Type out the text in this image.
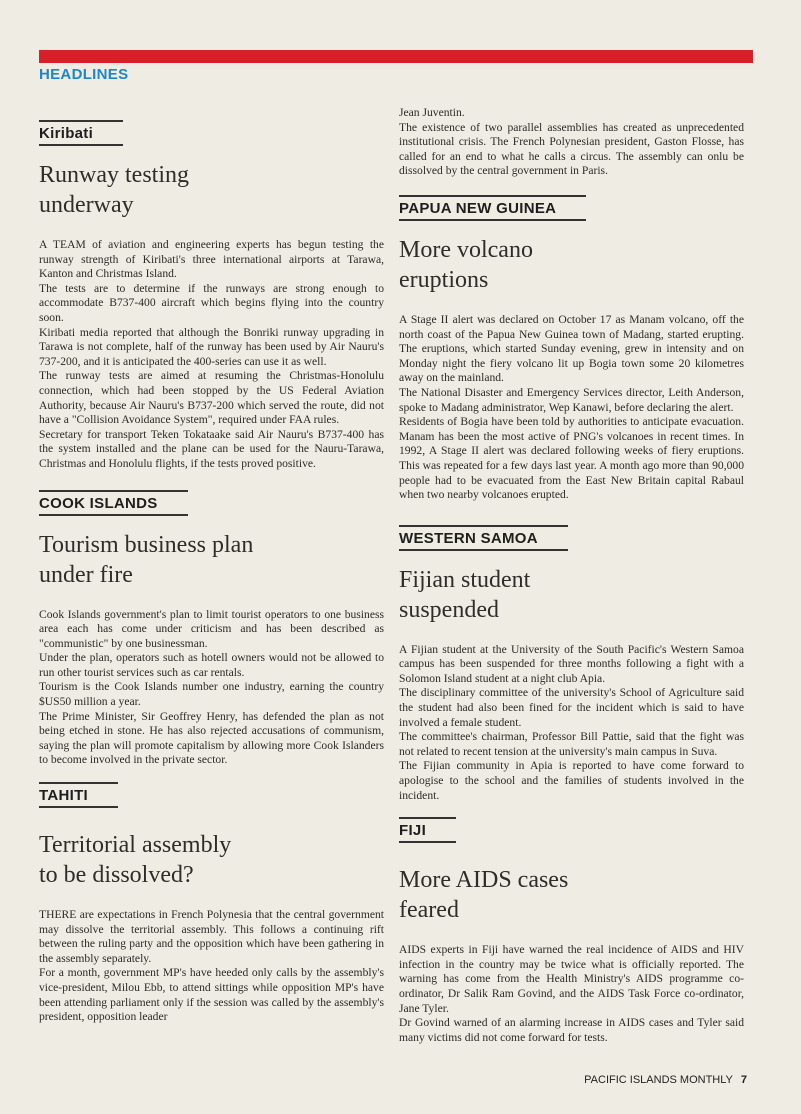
HEADLINES
Kiribati
Runway testing
underway

A TEAM of aviation and engineering experts has begun testing the runway strength of Kiribati's three international airports at Tarawa, Kanton and Christmas Island.

The tests are to determine if the runways are strong enough to accommodate B737-400 aircraft which begins flying into the country soon.

Kiribati media reported that although the Bonriki runway upgrading in Tarawa is not complete, half of the runway has been used by Air Nauru's 737-200, and it is anticipated the 400-series can use it as well.

The runway tests are aimed at resuming the Christmas-Honolulu connection, which had been stopped by the US Federal Aviation Authority, because Air Nauru's B737-200 which served the route, did not have a "Collision Avoidance System", required under FAA rules.

Secretary for transport Teken Tokataake said Air Nauru's B737-400 has the system installed and the plane can be used for the Nauru-Tarawa, Christmas and Honolulu flights, if the tests proved positive.

COOK ISLANDS
Tourism business plan
under fire

Cook Islands government's plan to limit tourist operators to one business area each has come under criticism and has been described as "communistic" by one businessman.

Under the plan, operators such as hotell owners would not be allowed to run other tourist services such as car rentals.

Tourism is the Cook Islands number one industry, earning the country $US50 million a year.

The Prime Minister, Sir Geoffrey Henry, has defended the plan as not being etched in stone. He has also rejected accusations of communism, saying the plan will promote capitalism by allowing more Cook Islanders to become involved in the private sector.

TAHITI
Territorial assembly
to be dissolved?

THERE are expectations in French Polynesia that the central government may dissolve the territorial assembly. This follows a continuing rift between the ruling party and the opposition which have been gathering in the assembly separately.

For a month, government MP's have heeded only calls by the assembly's vice-president, Milou Ebb, to attend sittings while opposition MP's have been attending parliament only if the session was called by the assembly's president, opposition leader

Jean Juventin.

The existence of two parallel assemblies has created as unprecedented institutional crisis. The French Polynesian president, Gaston Flosse, has called for an end to what he calls a circus. The assembly can onlu be dissolved by the central government in Paris.

PAPUA NEW GUINEA
More volcano
eruptions

A Stage II alert was declared on October 17 as Manam volcano, off the north coast of the Papua New Guinea town of Madang, started erupting. The eruptions, which started Sunday evening, grew in intensity and on Monday night the fiery volcano lit up Bogia town some 20 kilometres away on the mainland.

The National Disaster and Emergency Services director, Leith Anderson, spoke to Madang administrator, Wep Kanawi, before declaring the alert.

Residents of Bogia have been told by authorities to anticipate evacuation. Manam has been the most active of PNG's volcanoes in recent times. In 1992, A Stage II alert was declared following weeks of fiery eruptions. This was repeated for a few days last year. A month ago more than 90,000 people had to be evacuated from the East New Britain capital Rabaul when two nearby volcanoes erupted.

WESTERN SAMOA
Fijian student
suspended

A Fijian student at the University of the South Pacific's Western Samoa campus has been suspended for three months following a fight with a Solomon Island student at a night club Apia.

The disciplinary committee of the university's School of Agriculture said the student had also been fined for the incident which is said to have involved a female student.

The committee's chairman, Professor Bill Pattie, said that the fight was not related to recent tension at the university's main campus in Suva.

The Fijian community in Apia is reported to have come forward to apologise to the school and the families of students involved in the incident.

FIJI
More AIDS cases
feared

AIDS experts in Fiji have warned the real incidence of AIDS and HIV infection in the country may be twice what is officially reported. The warning has come from the Health Ministry's AIDS programme co-ordinator, Dr Salik Ram Govind, and the AIDS Task Force co-ordinator, Jane Tyler.

Dr Govind warned of an alarming increase in AIDS cases and Tyler said many victims did not come forward for tests.

PACIFIC ISLANDS MONTHLY 7
